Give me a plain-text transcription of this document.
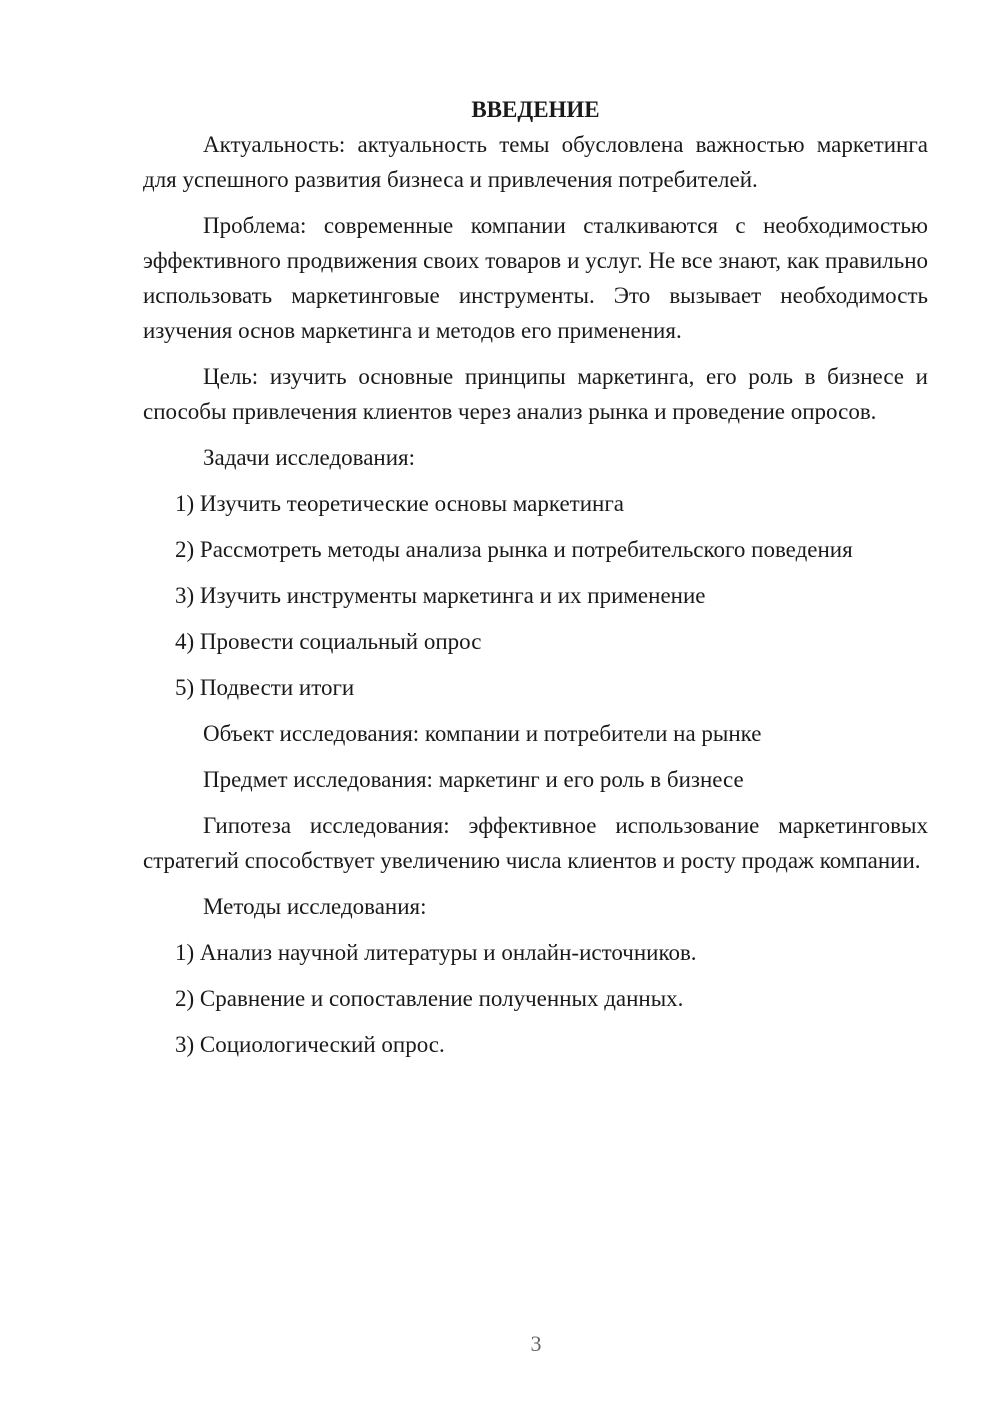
ВВЕДЕНИЕ

Актуальность: актуальность темы обусловлена важностью маркетинга для успешного развития бизнеса и привлечения потребителей.

Проблема: современные компании сталкиваются с необходимостью эффективного продвижения своих товаров и услуг. Не все знают, как правильно использовать маркетинговые инструменты. Это вызывает необходимость изучения основ маркетинга и методов его применения.

Цель: изучить основные принципы маркетинга, его роль в бизнесе и способы привлечения клиентов через анализ рынка и проведение опросов.

Задачи исследования:

1) Изучить теоретические основы маркетинга
2) Рассмотреть методы анализа рынка и потребительского поведения
3) Изучить инструменты маркетинга и их применение
4) Провести социальный опрос
5) Подвести итоги

Объект исследования: компании и потребители на рынке

Предмет исследования: маркетинг и его роль в бизнесе

Гипотеза исследования: эффективное использование маркетинговых стратегий способствует увеличению числа клиентов и росту продаж компании.

Методы исследования:

1) Анализ научной литературы и онлайн-источников.
2) Сравнение и сопоставление полученных данных.
3) Социологический опрос.
3
